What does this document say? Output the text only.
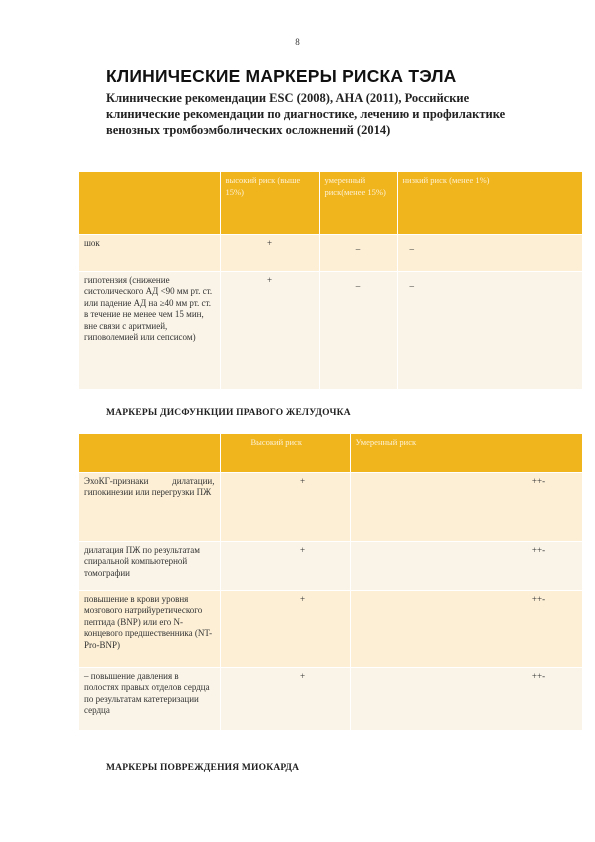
8
КЛИНИЧЕСКИЕ МАРКЕРЫ РИСКА ТЭЛА
Клинические рекомендации ESC (2008), AHA (2011), Российские клинические рекомендации по диагностике, лечению и профилактике венозных тромбоэмболических осложнений (2014)
	высокий риск (выше 15%)	умеренный риск(менее 15%)	низкий риск (менее 1%)
шок	+	–	–
гипотензия (снижение систолического АД <90 мм рт. ст. или падение АД на ≥40 мм рт. ст. в течение не менее чем 15 мин, вне связи с аритмией, гиповолемией или сепсисом)	+	–	–
МАРКЕРЫ ДИСФУНКЦИИ ПРАВОГО ЖЕЛУДОЧКА
	Высокий риск	Умеренный риск
ЭхоКГ-признаки дилатации, гипокинезии или перегрузки ПЖ	+	++-
дилатация ПЖ по результатам спиральной компьютерной томографии	+	++-
повышение в крови уровня мозгового натрийуретического пептида (BNP) или его N-концевого предшественника (NT-Pro-BNP)	+	++-
– повышение давления в полостях правых отделов сердца по результатам катетеризации сердца	+	++-
МАРКЕРЫ ПОВРЕЖДЕНИЯ МИОКАРДА
